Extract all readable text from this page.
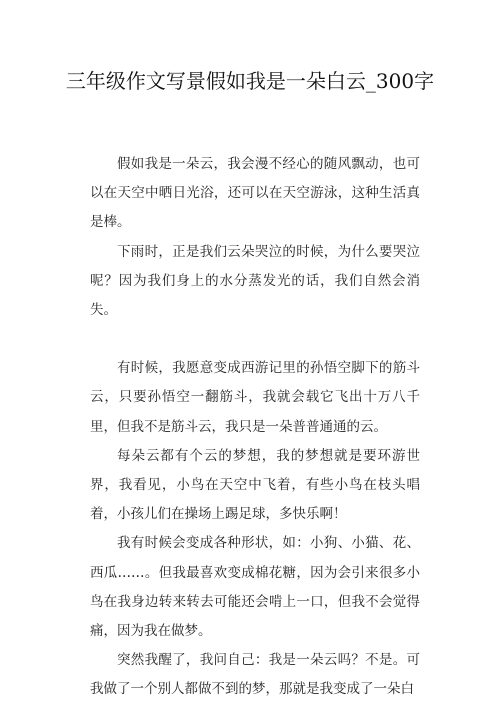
三年级作文写景假如我是一朵白云_300字

假如我是一朵云，我会漫不经心的随风飘动，也可以在天空中晒日光浴，还可以在天空游泳，这种生活真是棒。

下雨时，正是我们云朵哭泣的时候，为什么要哭泣呢？因为我们身上的水分蒸发光的话，我们自然会消失。

有时候，我愿意变成西游记里的孙悟空脚下的筋斗云，只要孙悟空一翻筋斗，我就会载它飞出十万八千里，但我不是筋斗云，我只是一朵普普通通的云。

每朵云都有个云的梦想，我的梦想就是要环游世界，我看见，小鸟在天空中飞着，有些小鸟在枝头唱着，小孩儿们在操场上踢足球，多快乐啊！

我有时候会变成各种形状，如：小狗、小猫、花、西瓜……。但我最喜欢变成棉花糖，因为会引来很多小鸟在我身边转来转去可能还会啃上一口，但我不会觉得痛，因为我在做梦。

突然我醒了，我问自己：我是一朵云吗？不是。可我做了一个别人都做不到的梦，那就是我变成了一朵白
